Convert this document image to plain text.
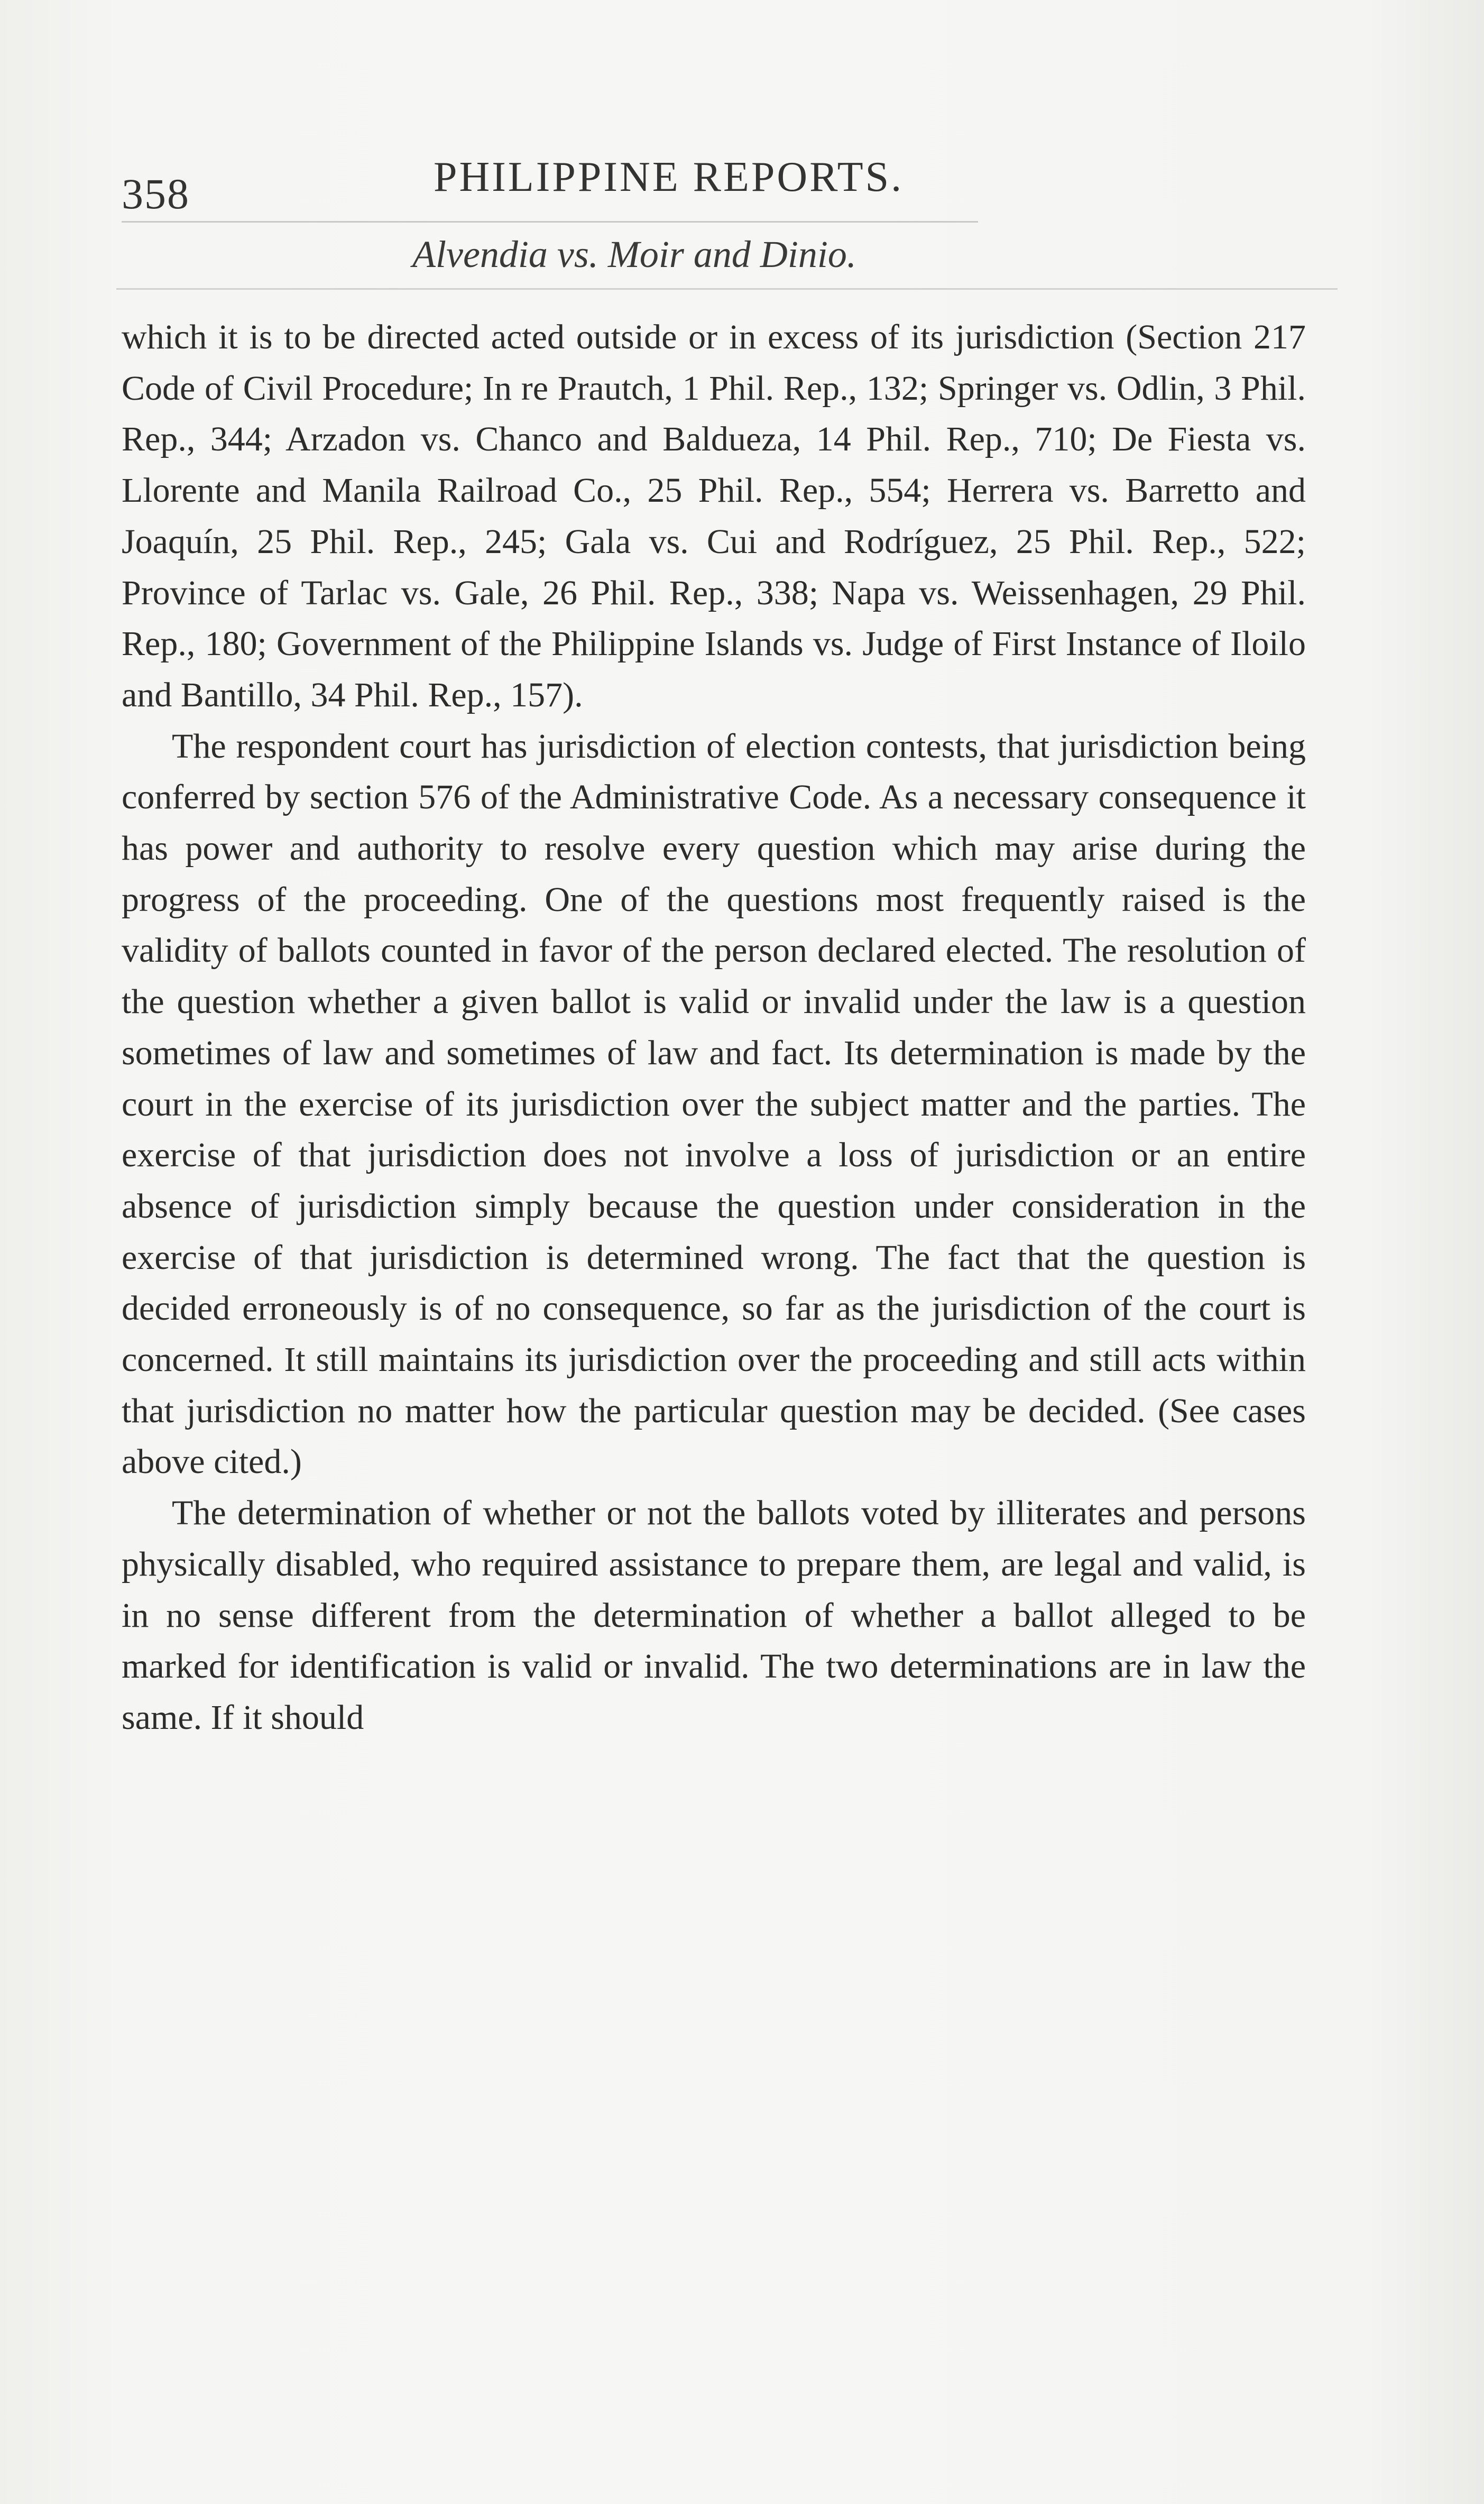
358	PHILIPPINE REPORTS.
Alvendia vs. Moir and Dinio.

which it is to be directed acted outside or in excess of its jurisdiction (Section 217 Code of Civil Procedure; In re Prautch, 1 Phil. Rep., 132; Springer vs. Odlin, 3 Phil. Rep., 344; Arzadon vs. Chanco and Baldueza, 14 Phil. Rep., 710; De Fiesta vs. Llorente and Manila Railroad Co., 25 Phil. Rep., 554; Herrera vs. Barretto and Joaquín, 25 Phil. Rep., 245; Gala vs. Cui and Rodríguez, 25 Phil. Rep., 522; Province of Tarlac vs. Gale, 26 Phil. Rep., 338; Napa vs. Weissenhagen, 29 Phil. Rep., 180; Government of the Philippine Islands vs. Judge of First Instance of Iloilo and Bantillo, 34 Phil. Rep., 157).

The respondent court has jurisdiction of election contests, that jurisdiction being conferred by section 576 of the Administrative Code. As a necessary consequence it has power and authority to resolve every question which may arise during the progress of the proceeding. One of the questions most frequently raised is the validity of ballots counted in favor of the person declared elected. The resolution of the question whether a given ballot is valid or invalid under the law is a question sometimes of law and sometimes of law and fact. Its determination is made by the court in the exercise of its jurisdiction over the subject matter and the parties. The exercise of that jurisdiction does not involve a loss of jurisdiction or an entire absence of jurisdiction simply because the question under consideration in the exercise of that jurisdiction is determined wrong. The fact that the question is decided erroneously is of no consequence, so far as the jurisdiction of the court is concerned. It still maintains its jurisdiction over the proceeding and still acts within that jurisdiction no matter how the particular question may be decided. (See cases above cited.)

The determination of whether or not the ballots voted by illiterates and persons physically disabled, who required assistance to prepare them, are legal and valid, is in no sense different from the determination of whether a ballot alleged to be marked for identification is valid or invalid. The two determinations are in law the same. If it should
